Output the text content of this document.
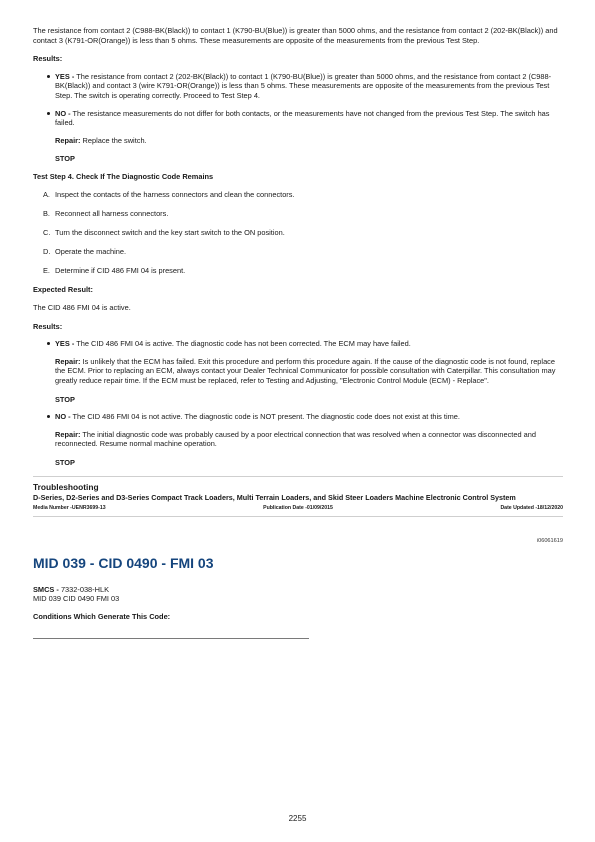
The resistance from contact 2 (C988-BK(Black)) to contact 1 (K790-BU(Blue)) is greater than 5000 ohms, and the resistance from contact 2 (202-BK(Black)) and contact 3 (K791-OR(Orange)) is less than 5 ohms. These measurements are opposite of the measurements from the previous Test Step.

Results:

YES - The resistance from contact 2 (202-BK(Black)) to contact 1 (K790-BU(Blue)) is greater than 5000 ohms, and the resistance from contact 2 (C988-BK(Black)) and contact 3 (wire K791-OR(Orange)) is less than 5 ohms. These measurements are opposite of the measurements from the previous Test Step. The switch is operating correctly. Proceed to Test Step 4.
NO - The resistance measurements do not differ for both contacts, or the measurements have not changed from the previous Test Step. The switch has failed.

Repair: Replace the switch.

STOP

Test Step 4. Check If The Diagnostic Code Remains

A. Inspect the contacts of the harness connectors and clean the connectors.
B. Reconnect all harness connectors.
C. Turn the disconnect switch and the key start switch to the ON position.
D. Operate the machine.
E. Determine if CID 486 FMI 04 is present.

Expected Result:

The CID 486 FMI 04 is active.

Results:

YES - The CID 486 FMI 04 is active. The diagnostic code has not been corrected. The ECM may have failed.

Repair: Is unlikely that the ECM has failed. Exit this procedure and perform this procedure again. If the cause of the diagnostic code is not found, replace the ECM. Prior to replacing an ECM, always contact your Dealer Technical Communicator for possible consultation with Caterpillar. This consultation may greatly reduce repair time. If the ECM must be replaced, refer to Testing and Adjusting, "Electronic Control Module (ECM) - Replace".

STOP

NO - The CID 486 FMI 04 is not active. The diagnostic code is NOT present. The diagnostic code does not exist at this time.

Repair: The initial diagnostic code was probably caused by a poor electrical connection that was resolved when a connector was disconnected and reconnected. Resume normal machine operation.

STOP

Troubleshooting

D-Series, D2-Series and D3-Series Compact Track Loaders, Multi Terrain Loaders, and Skid Steer Loaders Machine Electronic Control System

Media Number -UENR3699-13	Publication Date -01/09/2015	Date Updated -18/12/2020

i06061619

MID 039 - CID 0490 - FMI 03

SMCS - 7332-038-HLK

MID 039 CID 0490 FMI 03

Conditions Which Generate This Code:

2255
